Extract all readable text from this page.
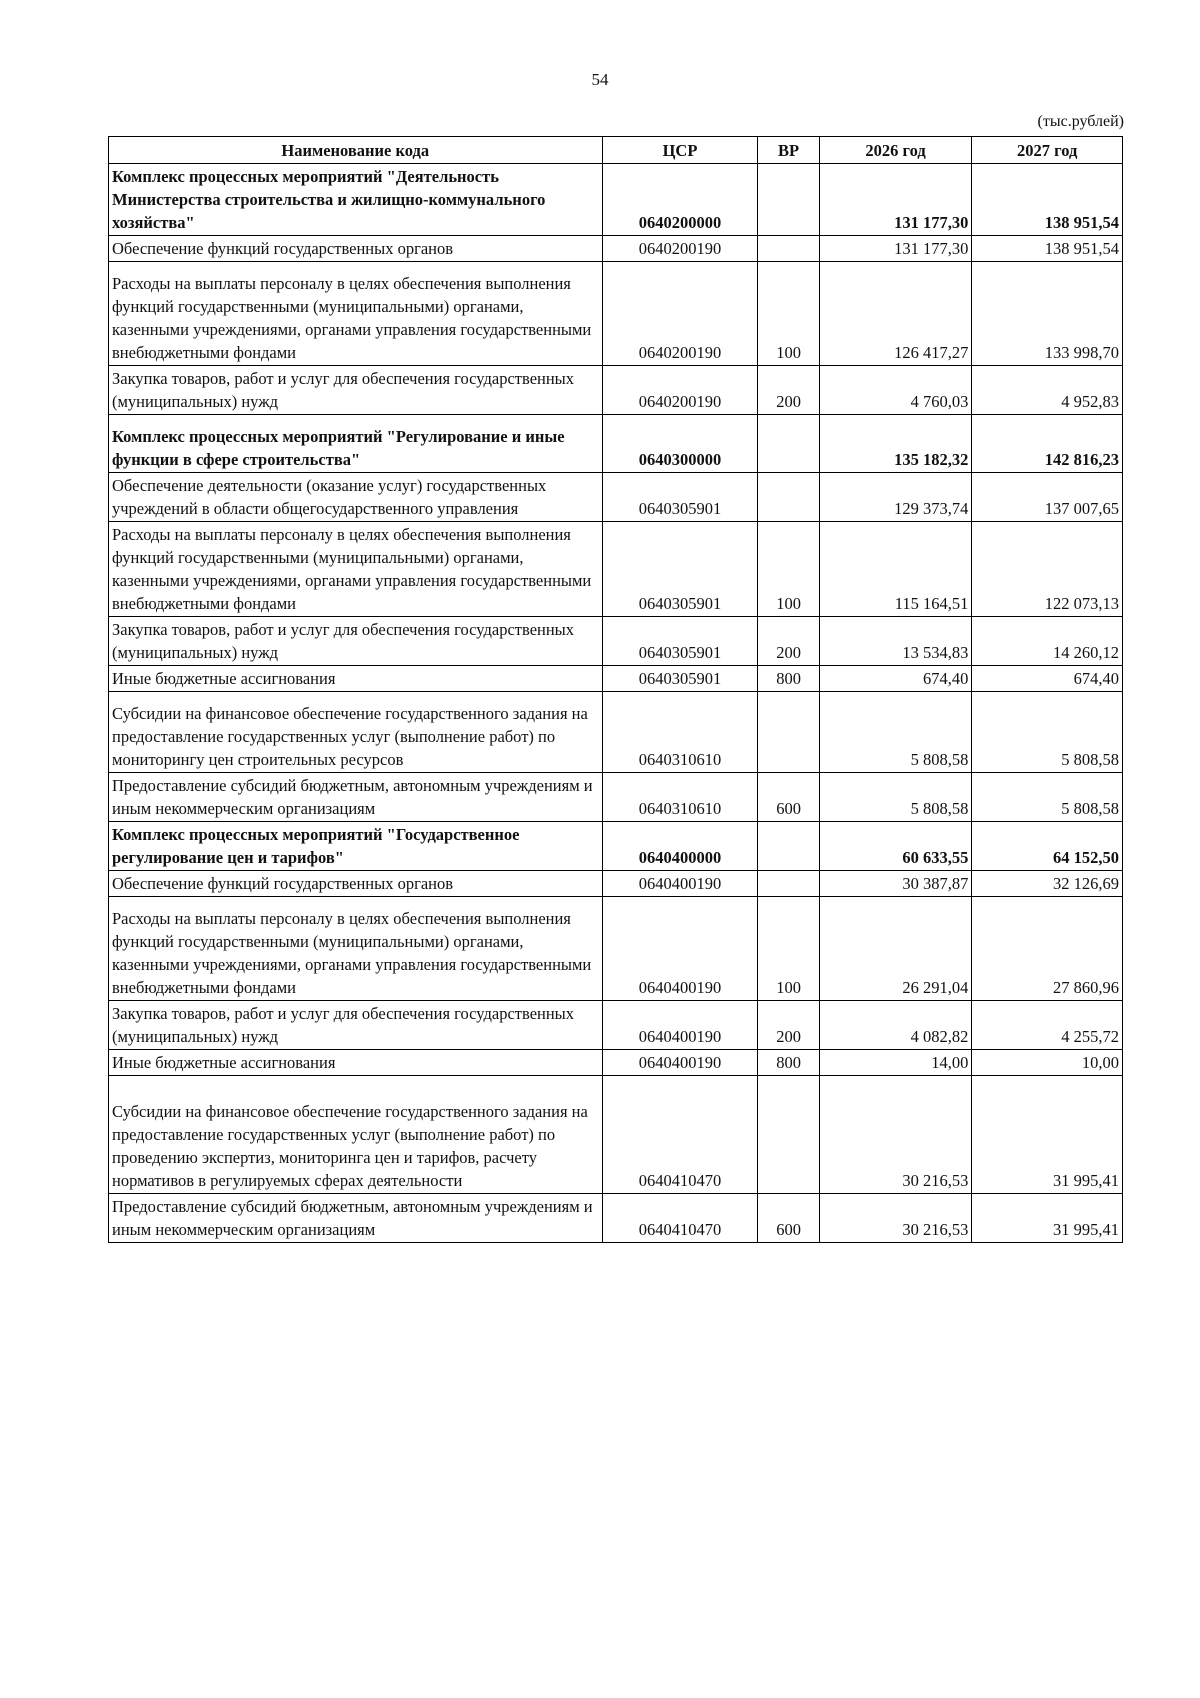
54
(тыс.рублей)
Наименование кода	ЦСР	ВР	2026 год	2027 год
Комплекс процессных мероприятий "Деятельность Министерства строительства и жилищно-коммунального хозяйства"	0640200000		131 177,30	138 951,54
Обеспечение функций государственных органов	0640200190		131 177,30	138 951,54
Расходы на выплаты персоналу в целях обеспечения выполнения функций государственными (муниципальными) органами, казенными учреждениями, органами управления государственными внебюджетными фондами	0640200190	100	126 417,27	133 998,70
Закупка товаров, работ и услуг для обеспечения государственных (муниципальных) нужд	0640200190	200	4 760,03	4 952,83
Комплекс процессных мероприятий "Регулирование и иные функции в сфере строительства"	0640300000		135 182,32	142 816,23
Обеспечение деятельности (оказание услуг) государственных учреждений в области общегосударственного управления	0640305901		129 373,74	137 007,65
Расходы на выплаты персоналу в целях обеспечения выполнения функций государственными (муниципальными) органами, казенными учреждениями, органами управления государственными внебюджетными фондами	0640305901	100	115 164,51	122 073,13
Закупка товаров, работ и услуг для обеспечения государственных (муниципальных) нужд	0640305901	200	13 534,83	14 260,12
Иные бюджетные ассигнования	0640305901	800	674,40	674,40
Субсидии на финансовое обеспечение государственного задания на предоставление государственных услуг (выполнение работ) по мониторингу цен строительных ресурсов	0640310610		5 808,58	5 808,58
Предоставление субсидий бюджетным, автономным учреждениям и иным некоммерческим организациям	0640310610	600	5 808,58	5 808,58
Комплекс процессных мероприятий "Государственное регулирование цен и тарифов"	0640400000		60 633,55	64 152,50
Обеспечение функций государственных органов	0640400190		30 387,87	32 126,69
Расходы на выплаты персоналу в целях обеспечения выполнения функций государственными (муниципальными) органами, казенными учреждениями, органами управления государственными внебюджетными фондами	0640400190	100	26 291,04	27 860,96
Закупка товаров, работ и услуг для обеспечения государственных (муниципальных) нужд	0640400190	200	4 082,82	4 255,72
Иные бюджетные ассигнования	0640400190	800	14,00	10,00
Субсидии на финансовое обеспечение государственного задания на предоставление государственных услуг (выполнение работ) по проведению экспертиз, мониторинга цен и тарифов, расчету нормативов в регулируемых сферах деятельности	0640410470		30 216,53	31 995,41
Предоставление субсидий бюджетным, автономным учреждениям и иным некоммерческим организациям	0640410470	600	30 216,53	31 995,41
